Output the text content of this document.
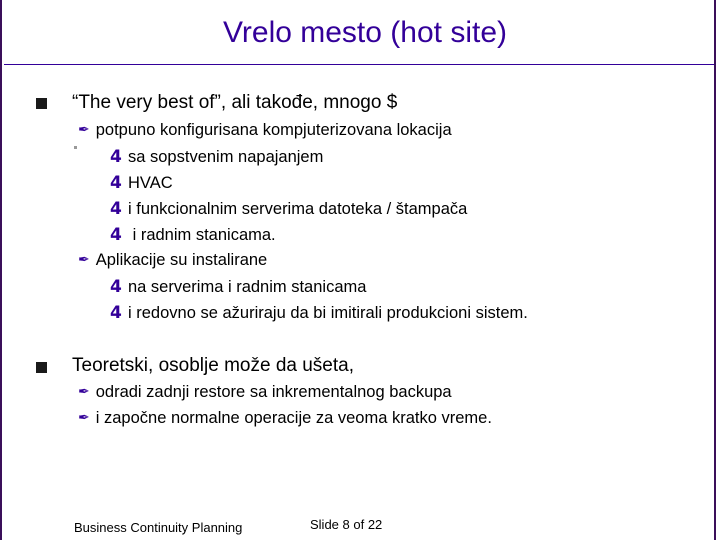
Vrelo mesto (hot site)
“The very best of”, ali takođe, mnogo $
✒ potpuno konfigurisana kompjuterizovana lokacija
4 sa sopstvenim napajanjem
4 HVAC
4 i funkcionalnim serverima datoteka / štampača
4 i radnim stanicama.
✒ Aplikacije su instalirane
4 na serverima i radnim stanicama
4 i redovno se ažuriraju da bi imitirali produkcioni sistem.
Teoretski, osoblje može da ušeta,
✒ odradi zadnji restore sa inkrementalnog backupa
✒ i započne normalne operacije za veoma kratko vreme.
Business Continuity Planning	Slide 8 of 22
